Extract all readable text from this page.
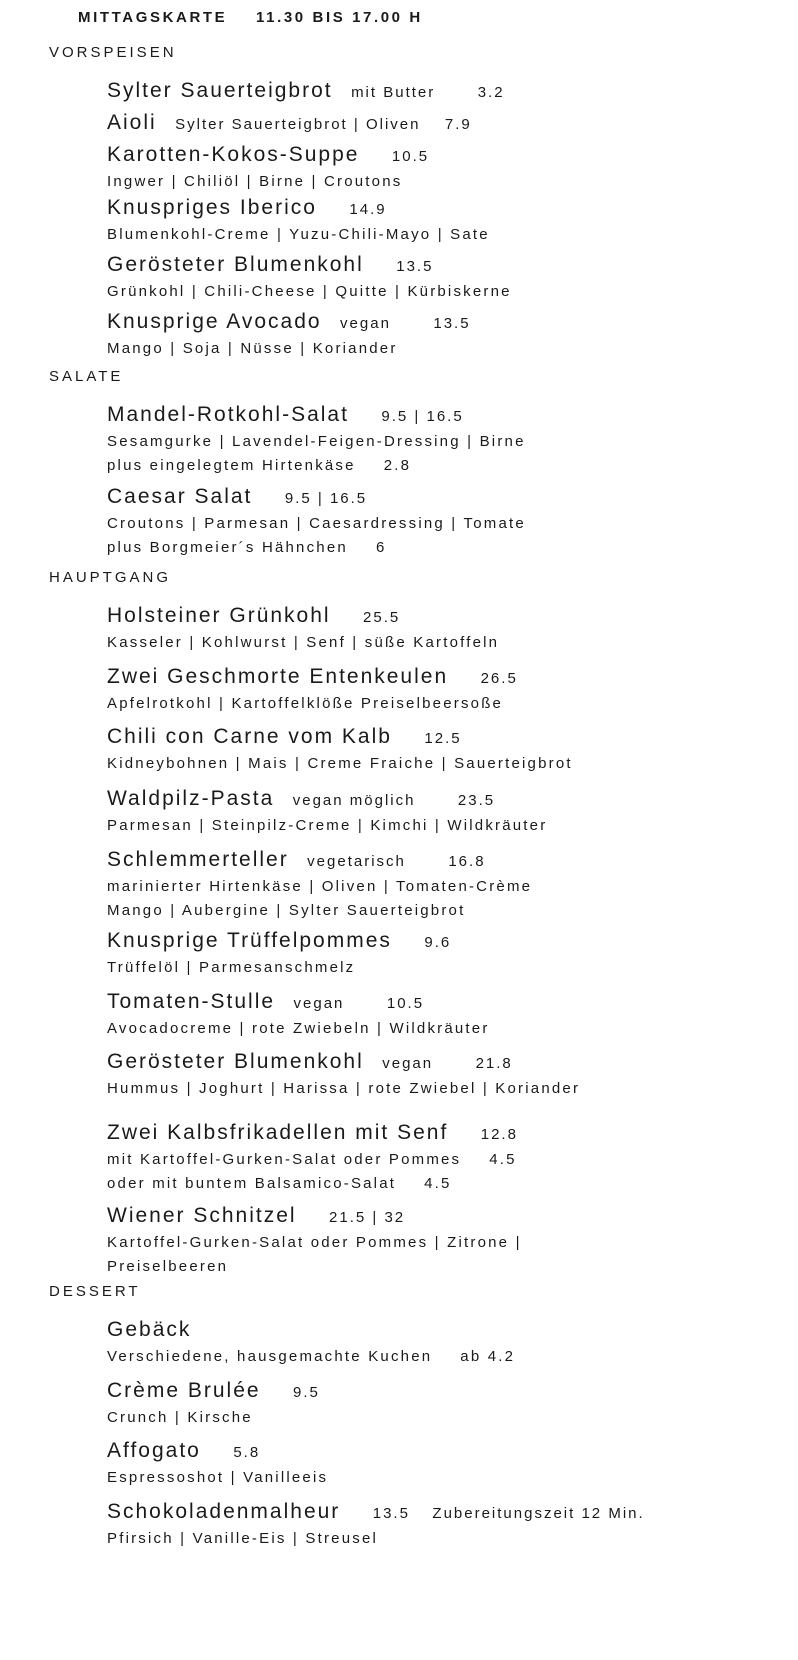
MITTAGSKARTE 11.30 BIS 17.00 H
VORSPEISEN
Sylter Sauerteigbrot mit Butter	3.2
Aioli Sylter Sauerteigbrot | Oliven 7.9
Karotten-Kokos-Suppe 10.5
Ingwer | Chiliöl | Birne | Croutons
Knuspriges Iberico 14.9
Blumenkohl-Creme | Yuzu-Chili-Mayo | Sate
Gerösteter Blumenkohl 13.5
Grünkohl | Chili-Cheese | Quitte | Kürbiskerne
Knusprige Avocado vegan	13.5
Mango | Soja | Nüsse | Koriander
SALATE
Mandel-Rotkohl-Salat 9.5 | 16.5
Sesamgurke | Lavendel-Feigen-Dressing | Birne
plus eingelegtem Hirtenkäse 2.8
Caesar Salat 9.5 | 16.5
Croutons | Parmesan | Caesardressing | Tomate
plus Borgmeier´s Hähnchen 6
HAUPTGANG
Holsteiner Grünkohl 25.5
Kasseler | Kohlwurst | Senf | süße Kartoffeln
Zwei Geschmorte Entenkeulen 26.5
Apfelrotkohl | Kartoffelklöße Preiselbeersoße
Chili con Carne vom Kalb 12.5
Kidneybohnen | Mais | Creme Fraiche | Sauerteigbrot
Waldpilz-Pasta vegan möglich	23.5
Parmesan | Steinpilz-Creme | Kimchi | Wildkräuter
Schlemmerteller vegetarisch	16.8
marinierter Hirtenkäse | Oliven | Tomaten-Crème
Mango | Aubergine | Sylter Sauerteigbrot
Knusprige Trüffelpommes 9.6
Trüffelöl | Parmesanschmelz
Tomaten-Stulle vegan	10.5
Avocadocreme | rote Zwiebeln | Wildkräuter
Gerösteter Blumenkohl vegan	21.8
Hummus | Joghurt | Harissa | rote Zwiebel | Koriander
Zwei Kalbsfrikadellen mit Senf 12.8
mit Kartoffel-Gurken-Salat oder Pommes 4.5
oder mit buntem Balsamico-Salat 4.5
Wiener Schnitzel 21.5 | 32
Kartoffel-Gurken-Salat oder Pommes | Zitrone |
Preiselbeeren
DESSERT
Gebäck
Verschiedene, hausgemachte Kuchen ab 4.2
Crème Brulée 9.5
Crunch | Kirsche
Affogato 5.8
Espressoshot | Vanilleeis
Schokoladenmalheur 13.5 Zubereitungszeit 12 Min.
Pfirsich | Vanille-Eis | Streusel
